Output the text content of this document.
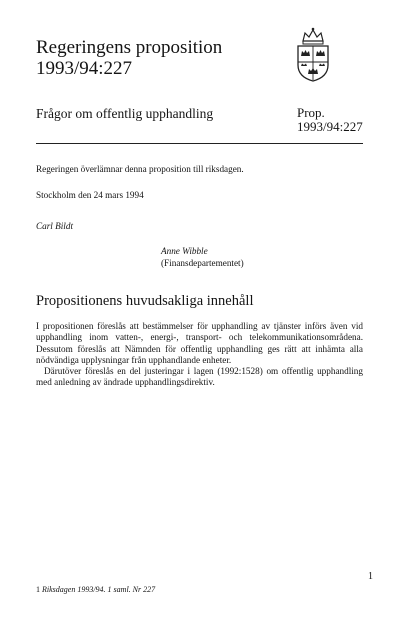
Regeringens proposition
1993/94:227
Frågor om offentlig upphandling	Prop.
1993/94:227
Regeringen överlämnar denna proposition till riksdagen.
Stockholm den 24 mars 1994
Carl Bildt
Anne Wibble
(Finansdepartementet)
Propositionens huvudsakliga innehåll

I propositionen föreslås att bestämmelser för upphandling av tjänster införs även vid upphandling inom vatten-, energi-, transport- och telekommunikationsområdena. Dessutom föreslås att Nämnden för offentlig upphandling ges rätt att inhämta alla nödvändiga upplysningar från upphandlande enheter.

Därutöver föreslås en del justeringar i lagen (1992:1528) om offentlig upphandling med anledning av ändrade upphandlingsdirektiv.

1
1 Riksdagen 1993/94. 1 saml. Nr 227
